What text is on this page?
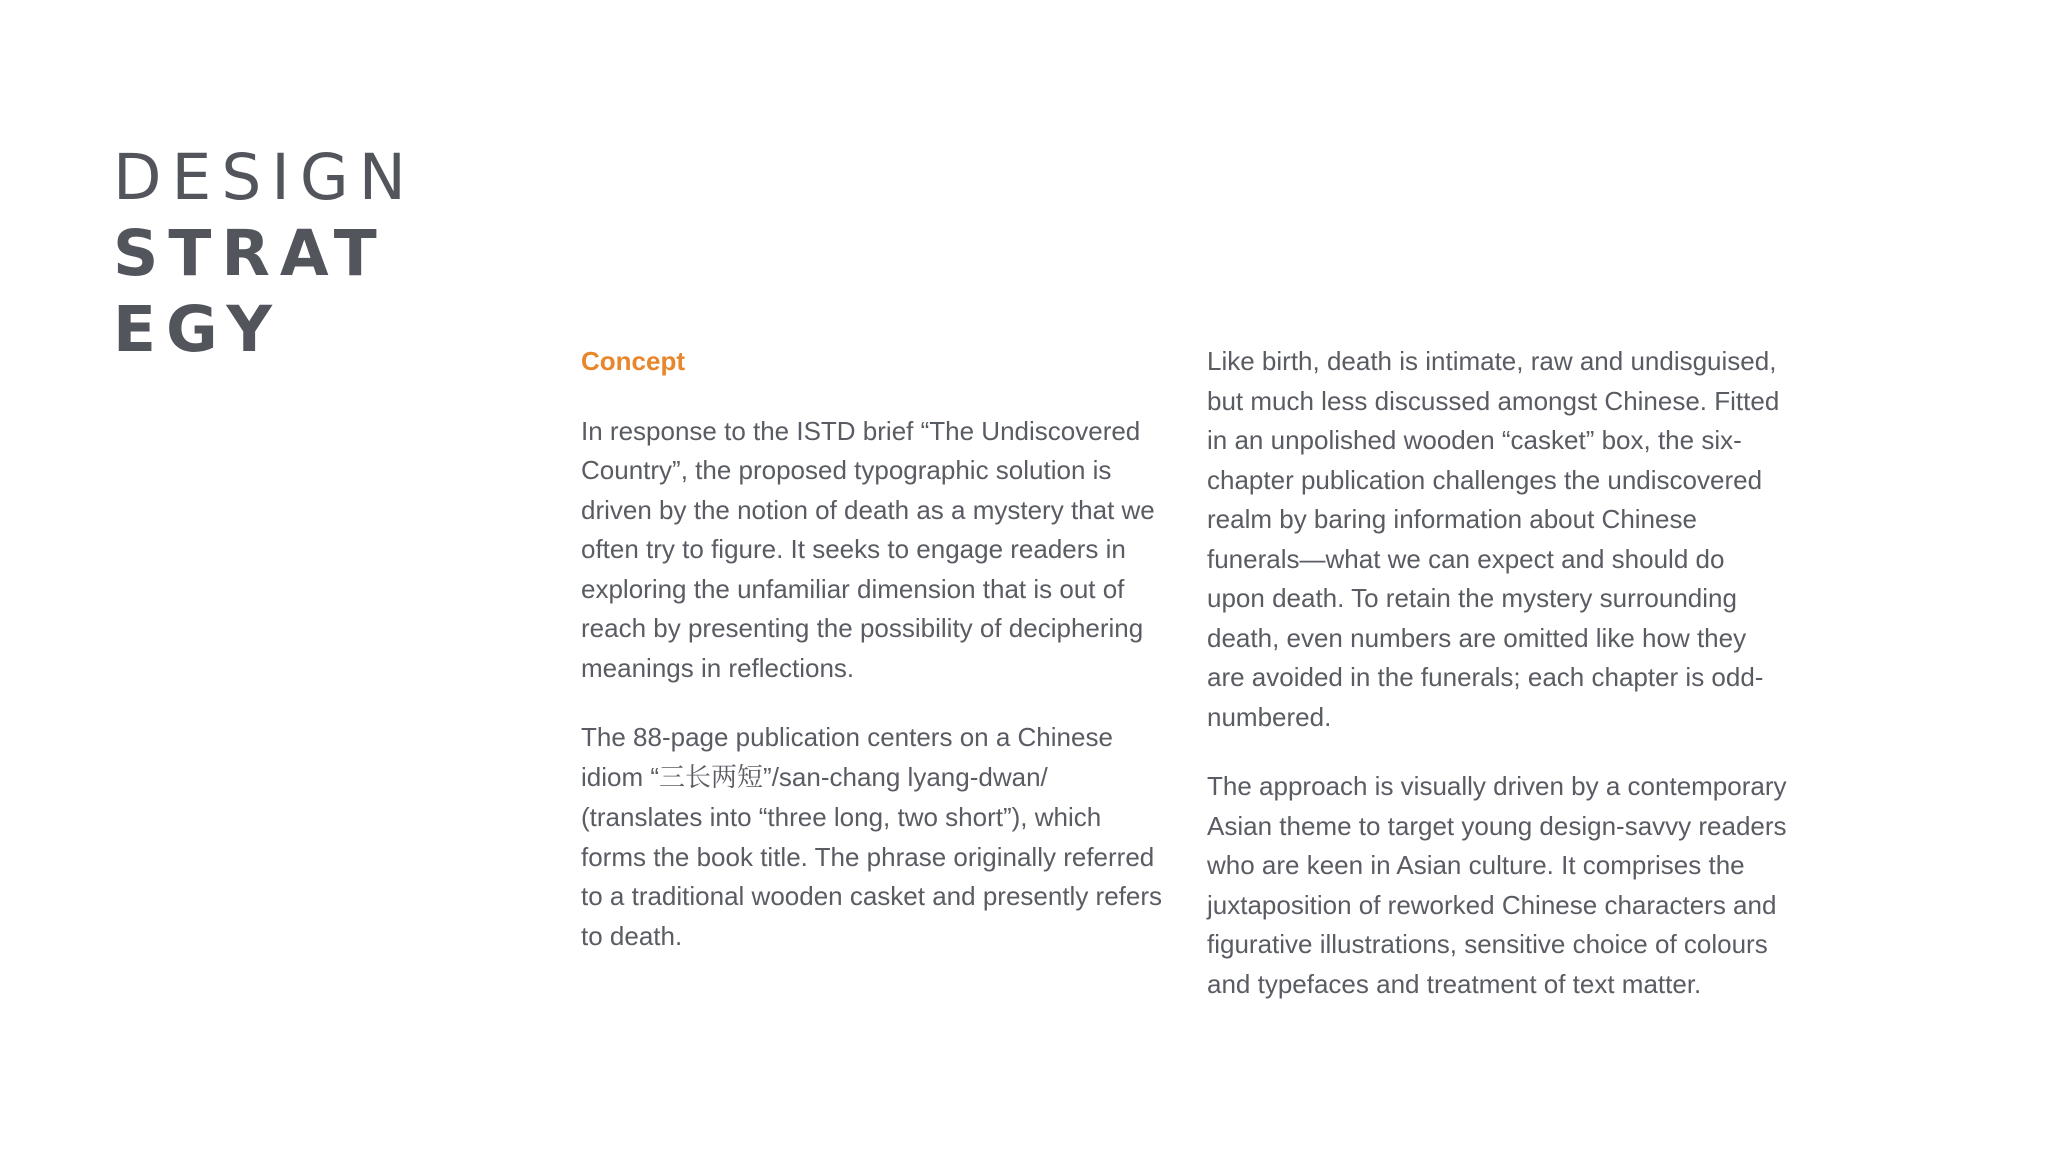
DESIGN
STRAT
EGY	Concept

In response to the ISTD brief “The Undiscovered
Country”, the proposed typographic solution is
driven by the notion of death as a mystery that we
often try to figure. It seeks to engage readers in
exploring the unfamiliar dimension that is out of
reach by presenting the possibility of deciphering
meanings in reflections.

The 88-page publication centers on a Chinese
idiom “三长两短”/san-chang lyang-dwan/
(translates into “three long, two short”), which
forms the book title. The phrase originally referred
to a traditional wooden casket and presently refers
to death.

Like birth, death is intimate, raw and undisguised,
but much less discussed amongst Chinese. Fitted
in an unpolished wooden “casket” box, the six-
chapter publication challenges the undiscovered
realm by baring information about Chinese
funerals—what we can expect and should do
upon death. To retain the mystery surrounding
death, even numbers are omitted like how they
are avoided in the funerals; each chapter is odd-
numbered.

The approach is visually driven by a contemporary
Asian theme to target young design-savvy readers
who are keen in Asian culture. It comprises the
juxtaposition of reworked Chinese characters and
figurative illustrations, sensitive choice of colours
and typefaces and treatment of text matter.
